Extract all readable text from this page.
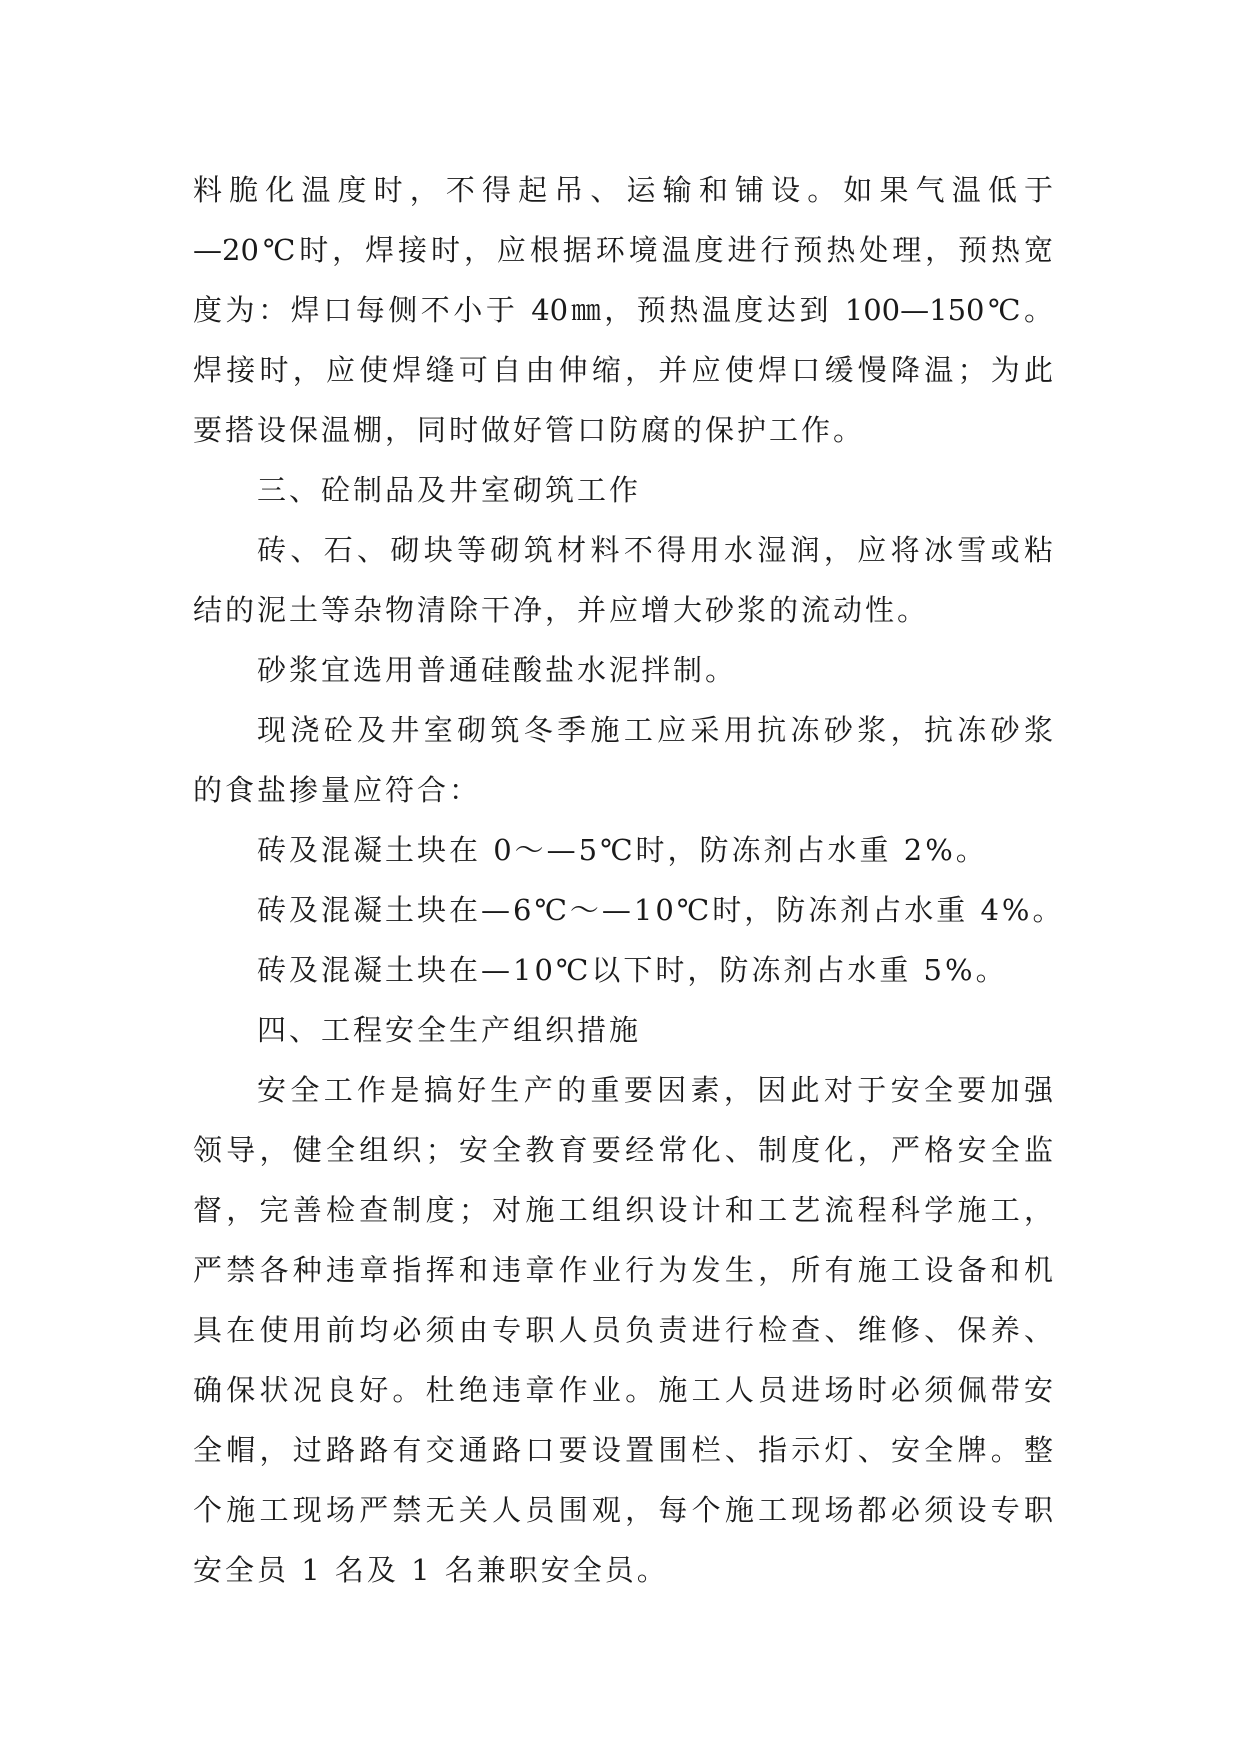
料脆化温度时，不得起吊、运输和铺设。如果气温低于
—20℃时，焊接时，应根据环境温度进行预热处理，预热宽
度为：焊口每侧不小于 40㎜，预热温度达到 100—150℃。
焊接时，应使焊缝可自由伸缩，并应使焊口缓慢降温；为此
要搭设保温棚，同时做好管口防腐的保护工作。
三、砼制品及井室砌筑工作
砖、石、砌块等砌筑材料不得用水湿润，应将冰雪或粘
结的泥土等杂物清除干净，并应增大砂浆的流动性。
砂浆宜选用普通硅酸盐水泥拌制。
现浇砼及井室砌筑冬季施工应采用抗冻砂浆，抗冻砂浆
的食盐掺量应符合：
砖及混凝土块在 0～—5℃时，防冻剂占水重 2%。
砖及混凝土块在—6℃～—10℃时，防冻剂占水重 4%。
砖及混凝土块在—10℃以下时，防冻剂占水重 5%。
四、工程安全生产组织措施
安全工作是搞好生产的重要因素，因此对于安全要加强
领导，健全组织；安全教育要经常化、制度化，严格安全监
督，完善检查制度；对施工组织设计和工艺流程科学施工，
严禁各种违章指挥和违章作业行为发生，所有施工设备和机
具在使用前均必须由专职人员负责进行检查、维修、保养、
确保状况良好。杜绝违章作业。施工人员进场时必须佩带安
全帽，过路路有交通路口要设置围栏、指示灯、安全牌。整
个施工现场严禁无关人员围观，每个施工现场都必须设专职
安全员 1 名及 1 名兼职安全员。
